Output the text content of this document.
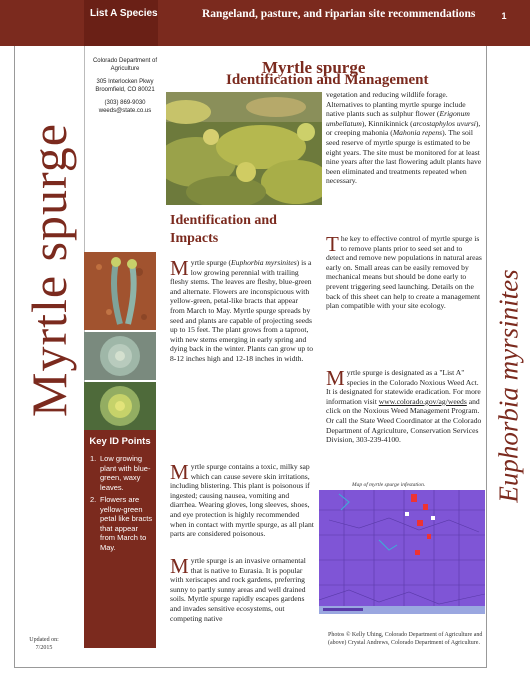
List A Species	Rangeland, pasture, and riparian site recommendations	1
Myrtle spurge	Euphorbia myrsinites
Colorado Department of
Agriculture
305 Interlocken Pkwy
Broomfield, CO 80021
(303) 869-9030
weeds@state.co.us
Myrtle spurge
Identification and Management
Identification and
Impacts
Myrtle spurge (Euphorbia myrsinites) is a low growing perennial with trailing fleshy stems. The leaves are fleshy, blue-green and alternate. Flowers are inconspicuous with yellow-green, petal-like bracts that appear from March to May. Myrtle spurge spreads by seed and plants are capable of projecting seeds up to 15 feet. The plant grows from a taproot, with new stems emerging in early spring and dying back in the winter. Plants can grow up to 8-12 inches high and 12-18 inches in width.
Myrtle spurge contains a toxic, milky sap which can cause severe skin irritations, including blistering. This plant is poisonous if ingested; causing nausea, vomiting and diarrhea. Wearing gloves, long sleeves, shoes, and eye protection is highly recommended when in contact with myrtle spurge, as all plant parts are considered poisonous.
Myrtle spurge is an invasive ornamental that is native to Eurasia. It is popular with xeriscapes and rock gardens, preferring sunny to partly sunny areas and well drained soils. Myrtle spurge rapidly escapes gardens and invades sensitive ecosystems, out competing native
vegetation and reducing wildlife forage. Alternatives to planting myrtle spurge include native plants such as sulphur flower (Erigonum umbellatum), Kinnikinnick (arcostaphylos uvursi), or creeping mahonia (Mahonia repens). The soil seed reserve of myrtle spurge is estimated to be eight years. The site must be monitored for at least nine years after the last flowering adult plants have been eliminated and treatments repeated when necessary.
The key to effective control of myrtle spurge is to remove plants prior to seed set and to detect and remove new populations in natural areas early on. Small areas can be easily removed by mechanical means but should be done early to prevent triggering seed launching. Details on the back of this sheet can help to create a management plan compatible with your site ecology.
Myrtle spurge is designated as a "List A" species in the Colorado Noxious Weed Act. It is designated for statewide eradication. For more information visit www.colorado.gov/ag/weeds and click on the Noxious Weed Management Program. Or call the State Weed Coordinator at the Colorado Department of Agriculture, Conservation Services Division, 303-239-4100.
Key ID Points
1. Low growing plant with blue-green, waxy leaves.
2. Flowers are yellow-green petal like bracts that appear from March to May.
Updated on:
7/2015
Map of myrtle spurge infestation.
Photos © Kelly Uhing, Colorado Department of Agriculture and (above) Crystal Andrews, Colorado Department of Agriculture.
